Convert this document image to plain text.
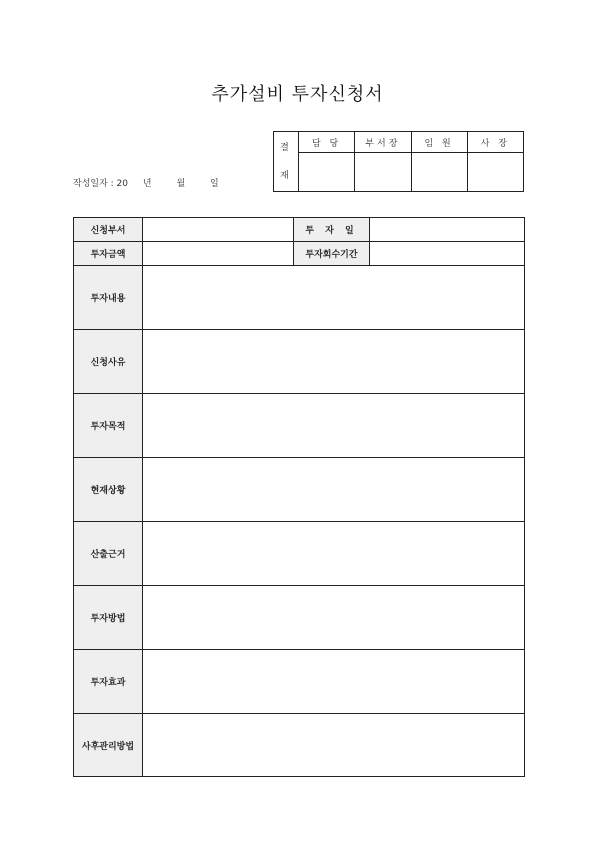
추가설비 투자신청서
작성일자 : 20 년	월	일
결
재	담 당	부서장	임 원	사 장

신청부서		투 자 일	
투자금액		투자회수기간	
투자내용			
신청사유			
투자목적			
현재상황			
산출근거			
투자방법			
투자효과			
사후관리방법			
